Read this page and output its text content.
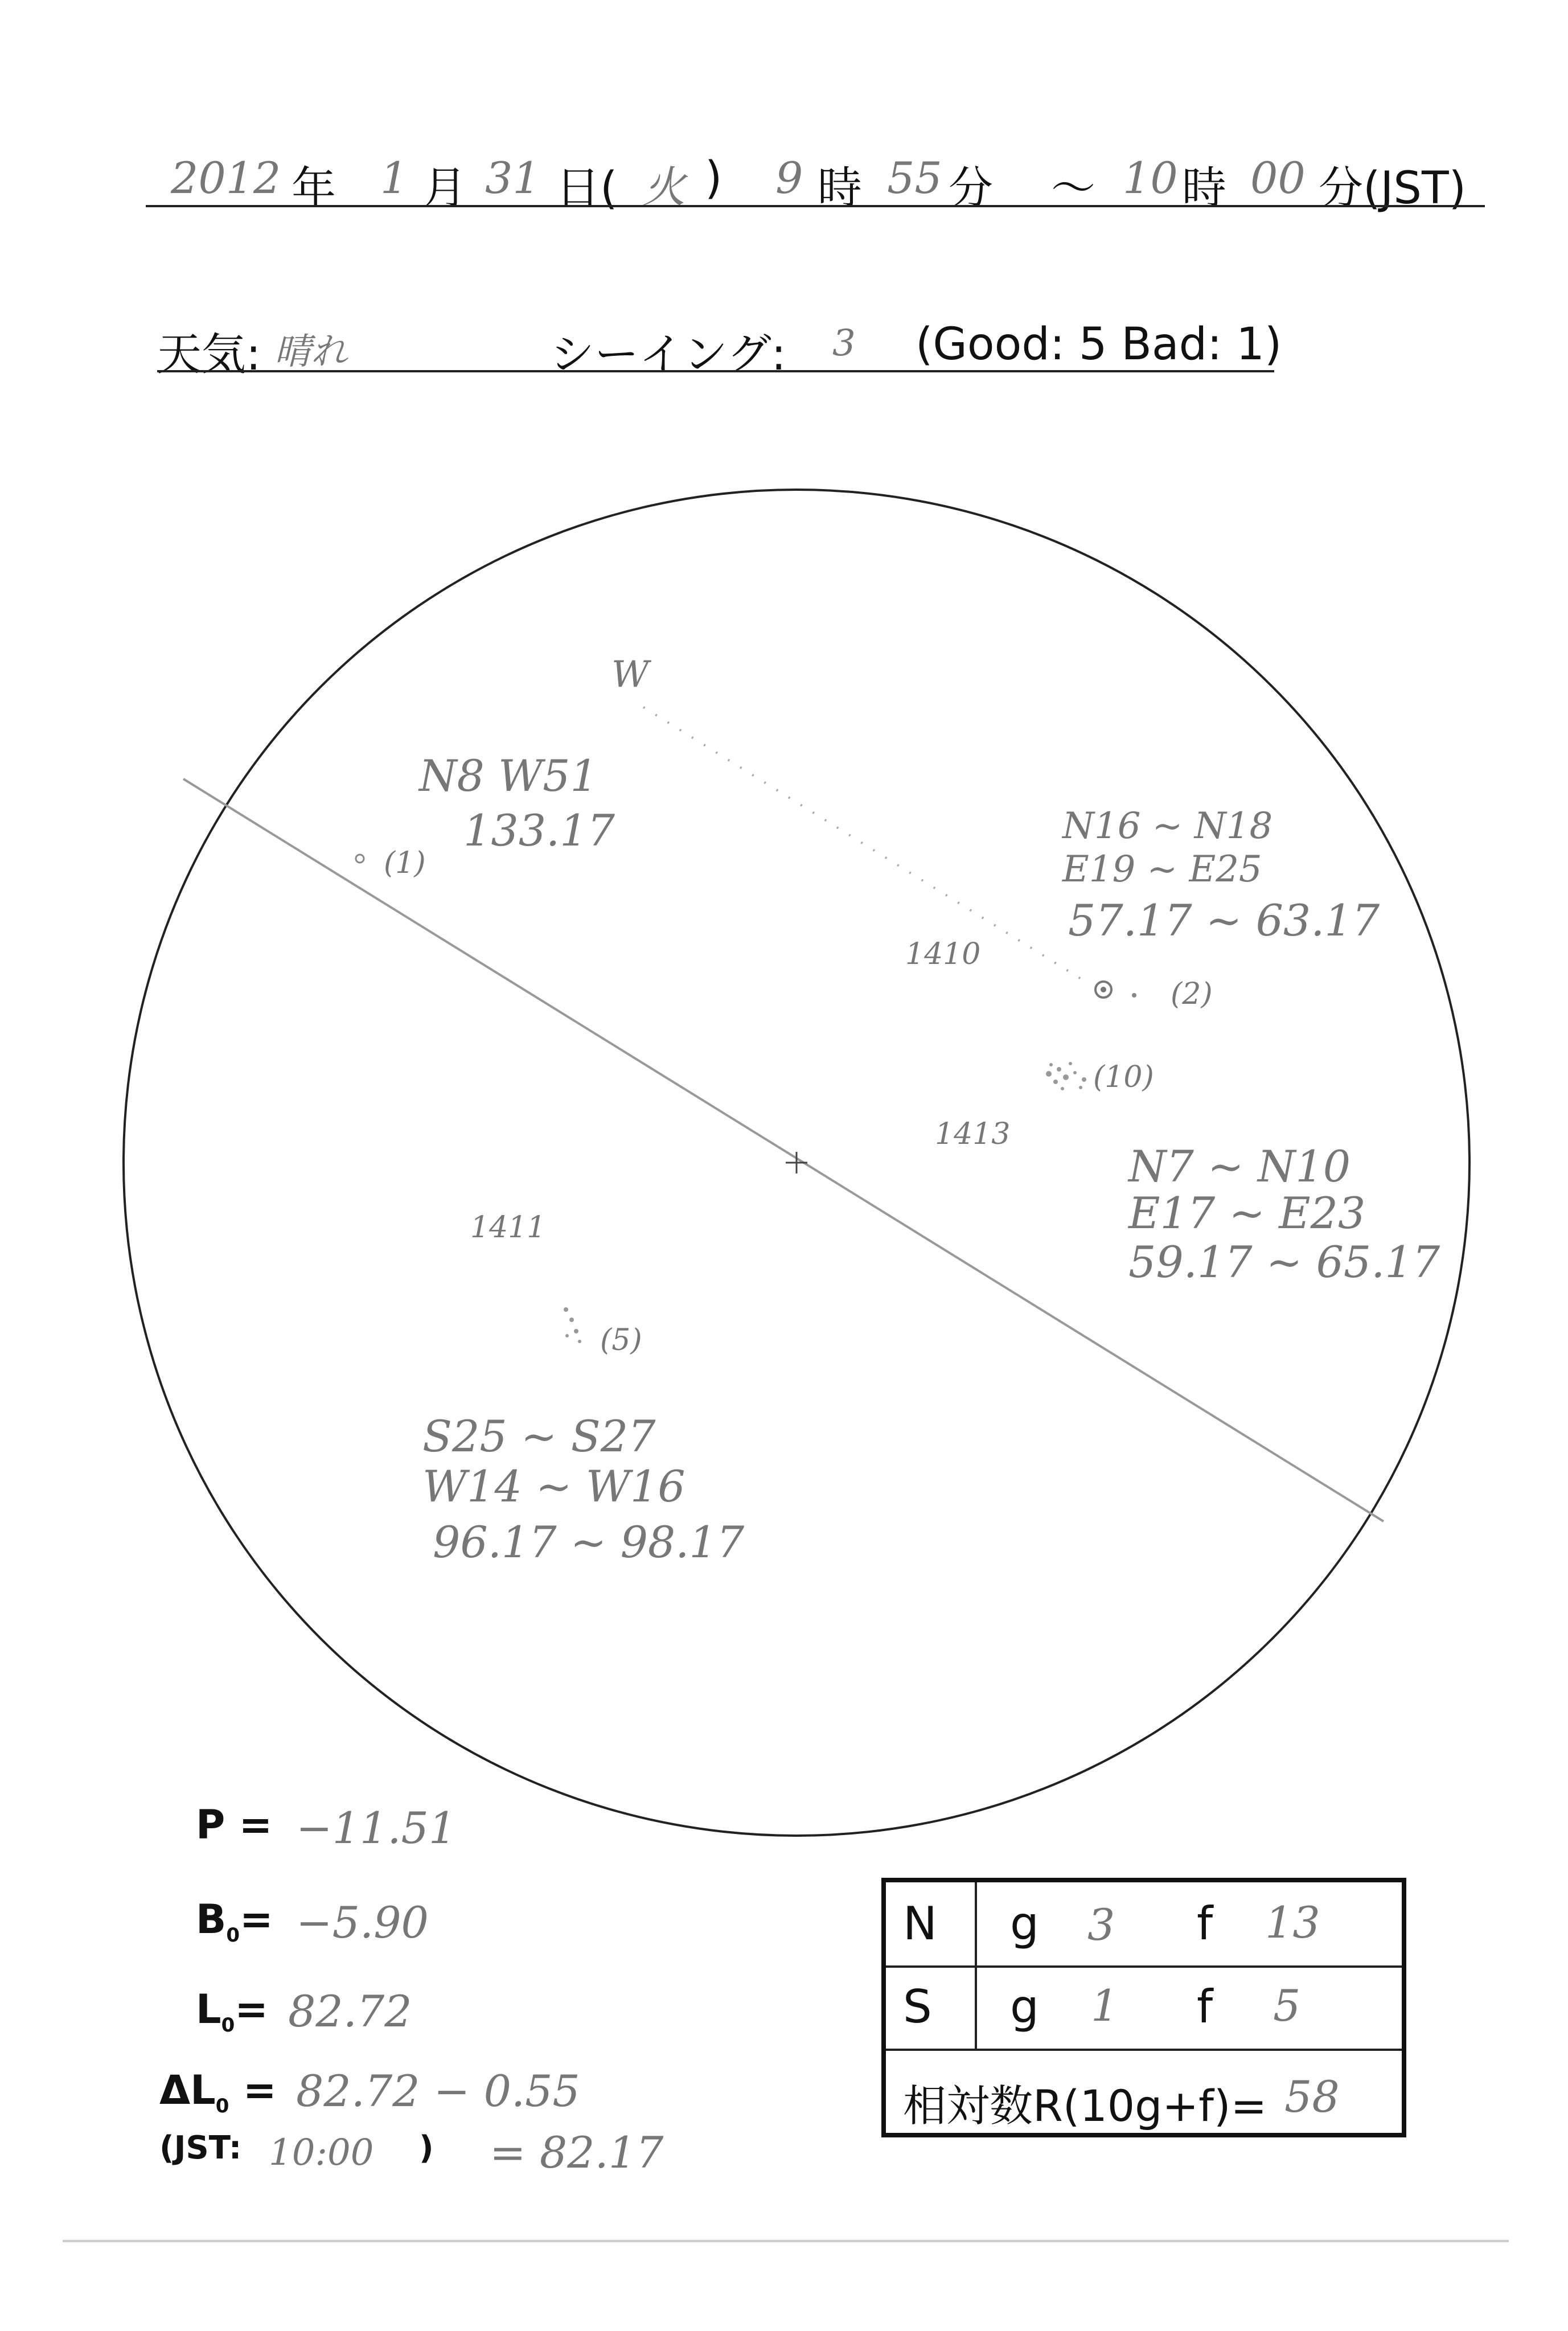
2012 年 1 月 31 日( 火 ) 9 時 55 分 ～ 10 時 00 分(JST)
天気: 晴れ	シーイング: 3 (Good: 5 Bad: 1)
W
N8 W51
133.17
(1)
1410
N16 ~ N18
E19 ~ E25
57.17 ~ 63.17
(2)
1413
N7 ~ N10
E17 ~ E23
59.17 ~ 65.17
(10)
1411
(5)
S25 ~ S27
W14 ~ W16
96.17 ~ 98.17
P = −11.51
$B_0= -5.90$
$L_0= 82.72$
$\Delta L_0 = 82.72 - 0.55$
(JST: 10:00 ) = 82.17
N g 3 f 13
S g 1 f 5
相対数R(10g+f)= 58
